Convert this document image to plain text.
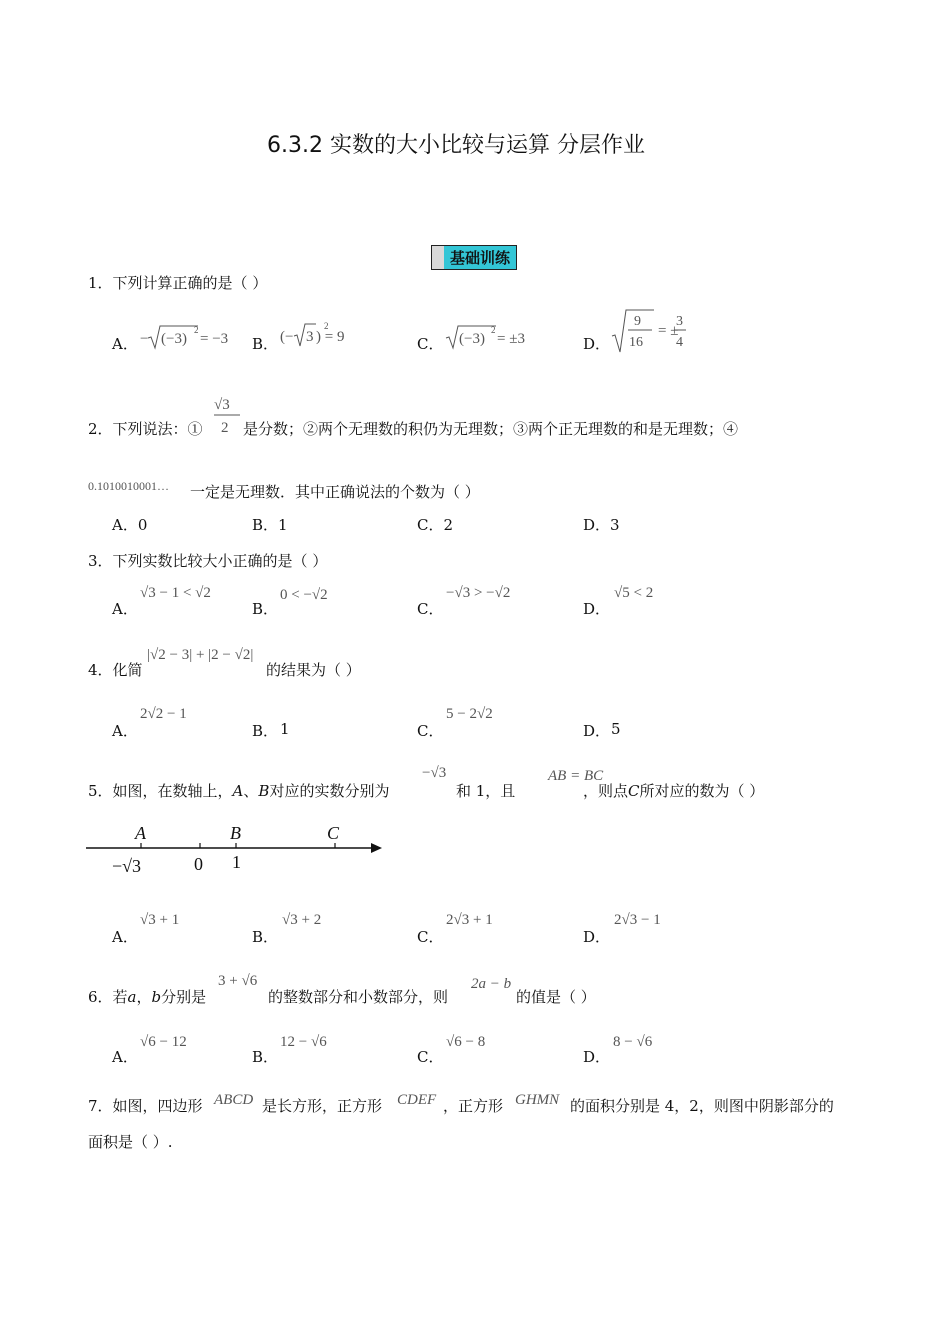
6.3.2 实数的大小比较与运算 分层作业
基础训练
1．下列计算正确的是（ ）
A． − (−3)
2
= −3 B． (− 3 ) = 9
2
C． (−3)
2
= ±3	D．
9
16
= ±
3
4
2．下列说法：①
√3
2 是分数；②两个无理数的积仍为无理数；③两个正无理数的和是无理数；④
0.1010010001… 一定是无理数．其中正确说法的个数为（ ）
A．0	B．1	C．2	D．3
3．下列实数比较大小正确的是（ ）
A．
√3 − 1 < √2
B．
0 < −√2
C．
−√3 > −√2
D．
√5 < 2
4．化简
|√2 − 3| + |2 − √2|
的结果为（ ）
A．
2√2 − 1
B． 1	C．
5 − 2√2
D． 5
5．如图，在数轴上，A、B对应的实数分别为
−√3
和 1，且
AB = BC
，则点C所对应的数为（ ）
A	B	C
−√3	0 1
A．
√3 + 1
B．
√3 + 2
C．
2√3 + 1
D．
2√3 − 1
6．若a，b分别是
3 + √6
的整数部分和小数部分，则
2a − b
的值是（ ）
A．
√6 − 12
B．
12 − √6
C．
√6 − 8
D．
8 − √6
7．如图，四边形 ABCD 是长方形，正方形 CDEF ，正方形 GHMN 的面积分别是 4，2，则图中阴影部分的
面积是（ ）.
